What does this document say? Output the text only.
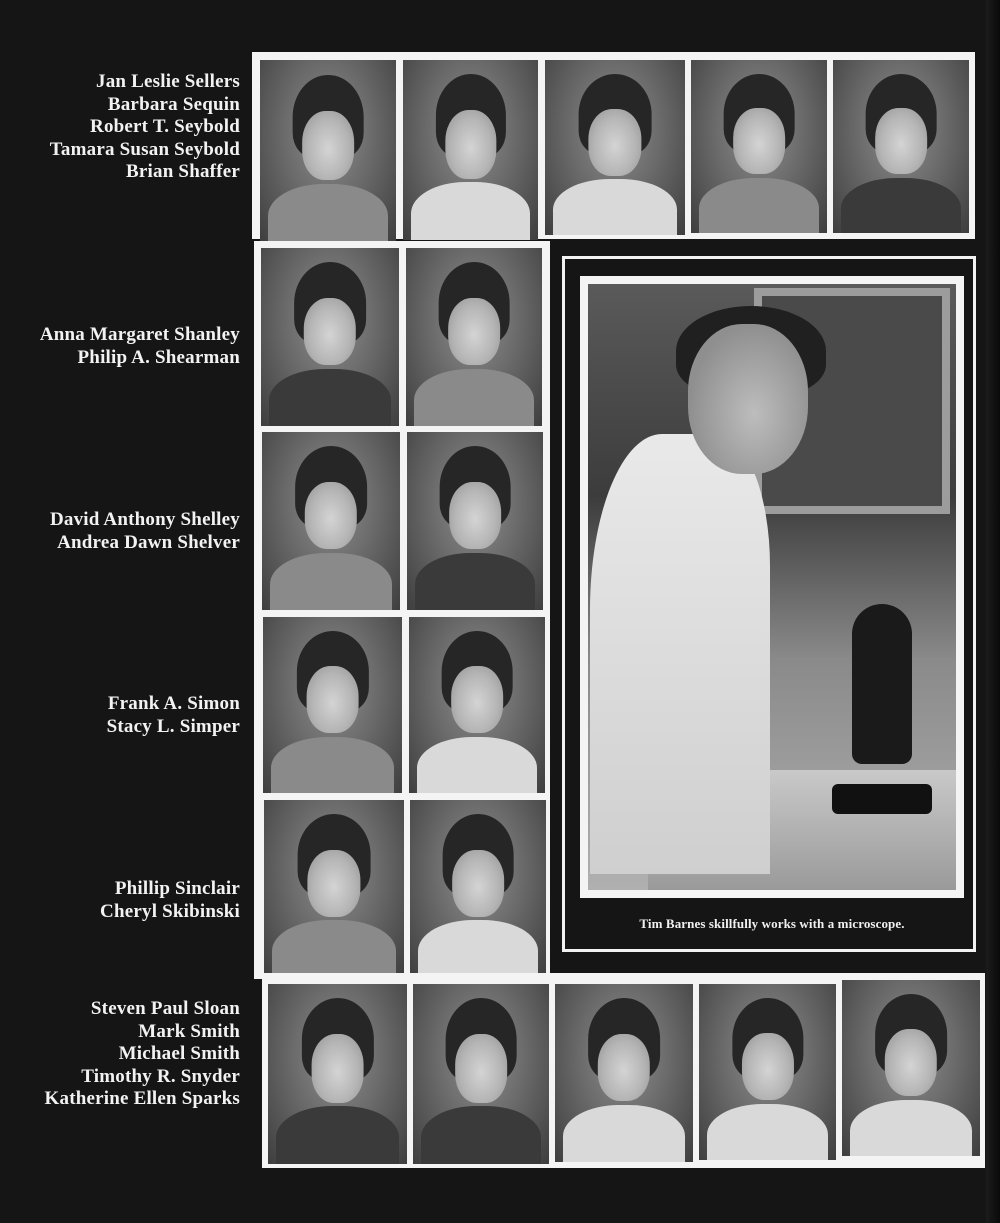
Jan Leslie Sellers
Barbara Sequin
Robert T. Seybold
Tamara Susan Seybold
Brian Shaffer
Anna Margaret Shanley
Philip A. Shearman
David Anthony Shelley
Andrea Dawn Shelver
Frank A. Simon
Stacy L. Simper
Phillip Sinclair
Cheryl Skibinski
Steven Paul Sloan
Mark Smith
Michael Smith
Timothy R. Snyder
Katherine Ellen Sparks
Tim Barnes skillfully works with a microscope.
